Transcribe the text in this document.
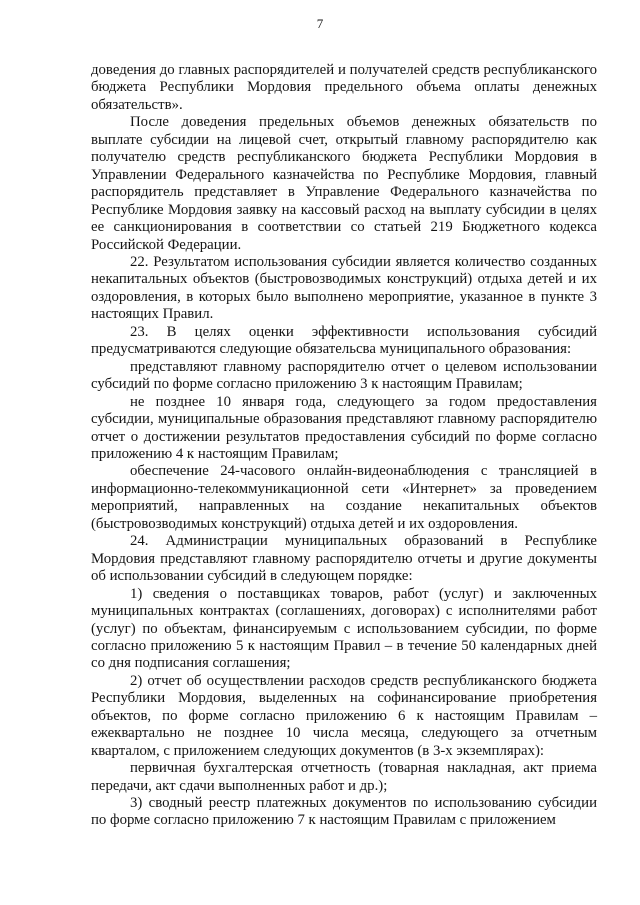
7

доведения до главных распорядителей и получателей средств республиканского бюджета Республики Мордовия предельного объема оплаты денежных обязательств».

После доведения предельных объемов денежных обязательств по выплате субсидии на лицевой счет, открытый главному распорядителю как получателю средств республиканского бюджета Республики Мордовия в Управлении Федерального казначейства по Республике Мордовия, главный распорядитель представляет в Управление Федерального казначейства по Республике Мордовия заявку на кассовый расход на выплату субсидии в целях ее санкционирования в соответствии со статьей 219 Бюджетного кодекса Российской Федерации.

22. Результатом использования субсидии является количество созданных некапитальных объектов (быстровозводимых конструкций) отдыха детей и их оздоровления, в которых было выполнено мероприятие, указанное в пункте 3 настоящих Правил.

23. В целях оценки эффективности использования субсидий предусматриваются следующие обязательсва муниципального образования:

представляют главному распорядителю отчет о целевом использовании субсидий по форме согласно приложению 3 к настоящим Правилам;

не позднее 10 января года, следующего за годом предоставления субсидии, муниципальные образования представляют главному распорядителю отчет о достижении результатов предоставления субсидий по форме согласно приложению 4 к настоящим Правилам;

обеспечение 24-часового онлайн-видеонаблюдения с трансляцией в информационно-телекоммуникационной сети «Интернет» за проведением мероприятий, направленных на создание некапитальных объектов (быстровозводимых конструкций) отдыха детей и их оздоровления.

24. Администрации муниципальных образований в Республике Мордовия представляют главному распорядителю отчеты и другие документы об использовании субсидий в следующем порядке:

1) сведения о поставщиках товаров, работ (услуг) и заключенных муниципальных контрактах (соглашениях, договорах) с исполнителями работ (услуг) по объектам, финансируемым с использованием субсидии, по форме согласно приложению 5 к настоящим Правил – в течение 50 календарных дней со дня подписания соглашения;

2) отчет об осуществлении расходов средств республиканского бюджета Республики Мордовия, выделенных на софинансирование приобретения объектов, по форме согласно приложению 6 к настоящим Правилам – ежеквартально не позднее 10 числа месяца, следующего за отчетным кварталом, с приложением следующих документов (в 3-х экземплярах):

первичная бухгалтерская отчетность (товарная накладная, акт приема передачи, акт сдачи выполненных работ и др.);

3) сводный реестр платежных документов по использованию субсидии по форме согласно приложению 7 к настоящим Правилам с приложением
